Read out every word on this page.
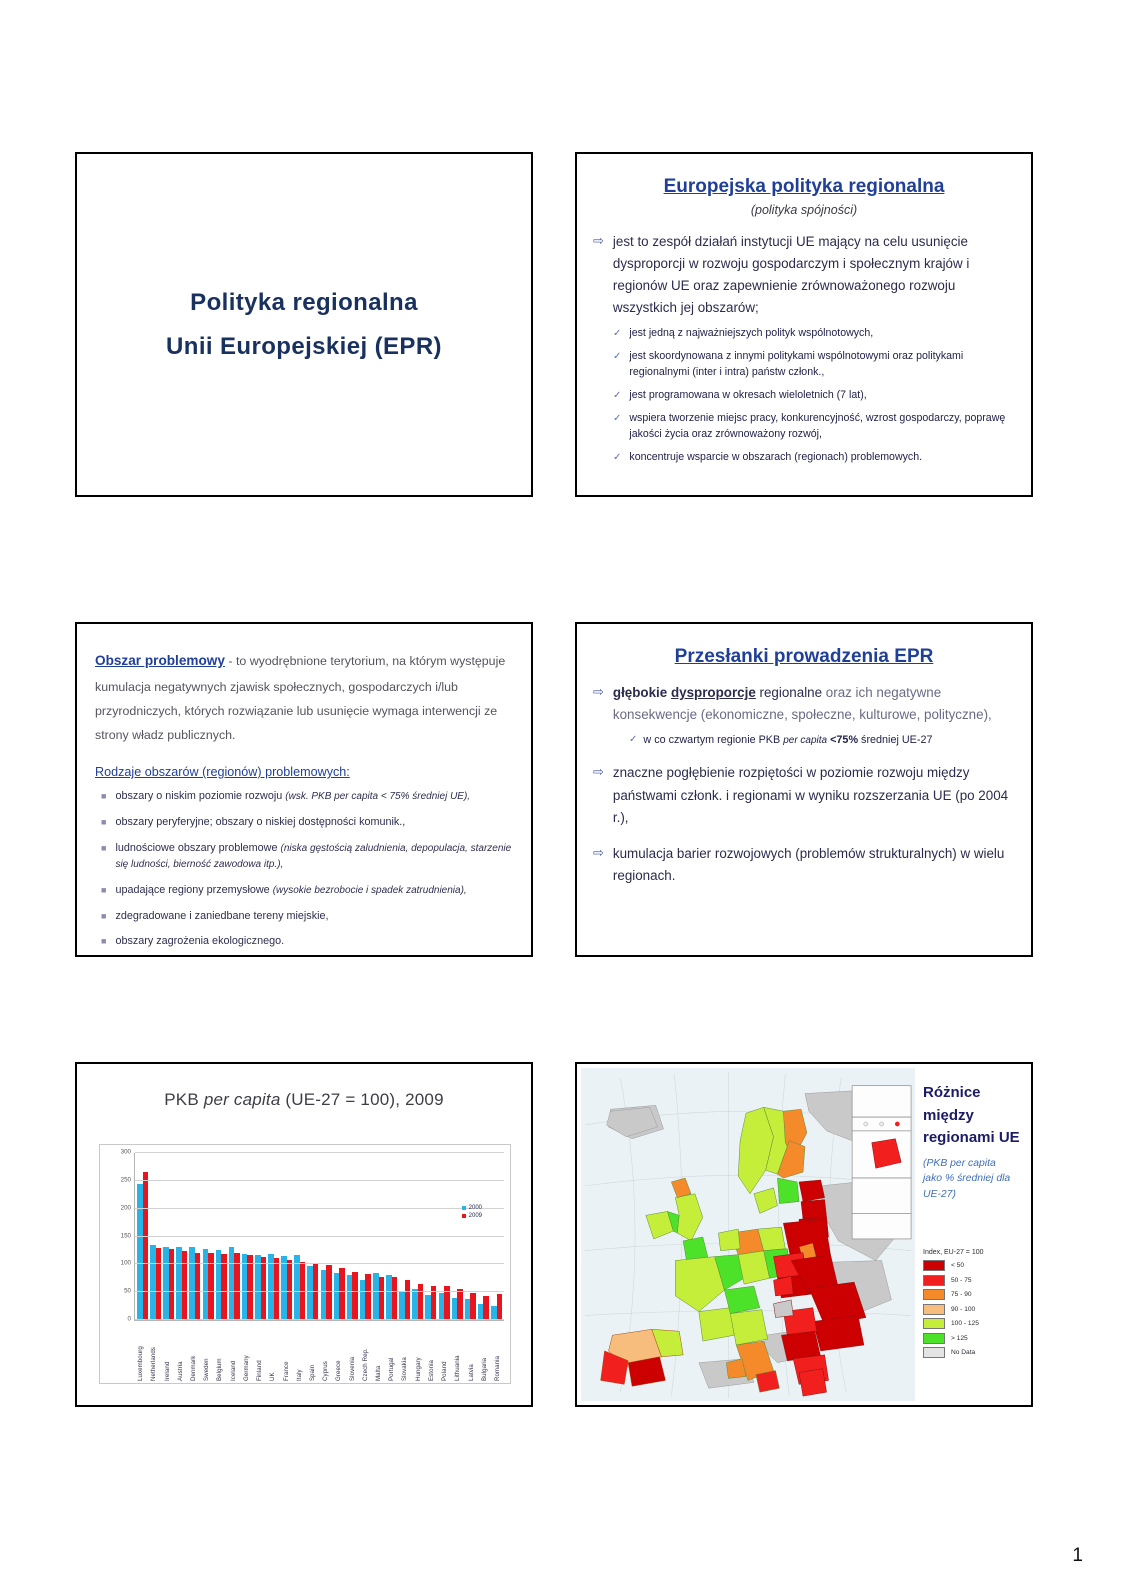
Polityka regionalna
Unii Europejskiej (EPR)
Europejska polityka regionalna
(polityka spójności)
⇨ jest to zespół działań instytucji UE mający na celu usunięcie dysproporcji w rozwoju gospodarczym i społecznym krajów i regionów UE oraz zapewnienie zrównoważonego rozwoju wszystkich jej obszarów;
✓ jest jedną z najważniejszych polityk wspólnotowych,
✓ jest skoordynowana z innymi politykami wspólnotowymi oraz politykami regionalnymi (inter i intra) państw członk.,
✓ jest programowana w okresach wieloletnich (7 lat),
✓ wspiera tworzenie miejsc pracy, konkurencyjność, wzrost gospodarczy, poprawę jakości życia oraz zrównoważony rozwój,
✓ koncentruje wsparcie w obszarach (regionach) problemowych.
Obszar problemowy - to wyodrębnione terytorium, na którym występuje kumulacja negatywnych zjawisk społecznych, gospodarczych i/lub przyrodniczych, których rozwiązanie lub usunięcie wymaga interwencji ze strony władz publicznych.
Rodzaje obszarów (regionów) problemowych:
■ obszary o niskim poziomie rozwoju (wsk. PKB per capita < 75% średniej UE),
■ obszary peryferyjne; obszary o niskiej dostępności komunik.,
■ ludnościowe obszary problemowe (niska gęstością zaludnienia, depopulacja, starzenie się ludności, bierność zawodowa itp.),
■ upadające regiony przemysłowe (wysokie bezrobocie i spadek zatrudnienia),
■ zdegradowane i zaniedbane tereny miejskie,
■ obszary zagrożenia ekologicznego.
Przesłanki prowadzenia EPR
⇨ głębokie dysproporcje regionalne oraz ich negatywne konsekwencje (ekonomiczne, społeczne, kulturowe, polityczne),
✓ w co czwartym regionie PKB per capita <75% średniej UE-27
⇨ znaczne pogłębienie rozpiętości w poziomie rozwoju między państwami członk. i regionami w wyniku rozszerzania UE (po 2004 r.),
⇨ kumulacja barier rozwojowych (problemów strukturalnych) w wielu regionach.
PKB per capita (UE-27 = 100), 2009
0
50
100
150
200
250
300
Luxembourg Netherlands Ireland Austria Denmark Sweden Belgium Iceland Germany Finland UK France Italy Spain Cyprus Greece Slovenia Czech Rep. Malta Portugal Slovakia Hungary Estonia Poland Lithuania Latvia Bulgaria Romania
2000
2009
Różnice
między
regionami UE
(PKB per capita
jako % średniej dla
UE-27)
Index, EU-27 = 100
< 50
50 - 75
75 - 90
90 - 100
100 - 125
> 125
No Data
1
